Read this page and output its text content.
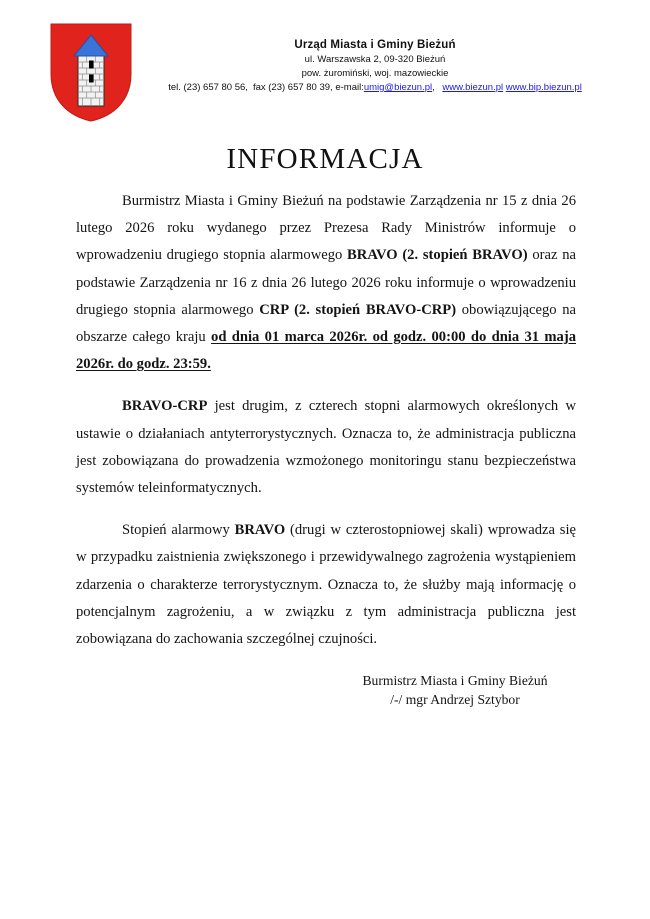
Urząd Miasta i Gminy Bieżuń
ul. Warszawska 2, 09-320 Bieżuń
pow. żuromiński, woj. mazowieckie
tel. (23) 657 80 56, fax (23) 657 80 39, e-mail:umig@biezun.pl, www.biezun.pl www.bip.biezun.pl
INFORMACJA

Burmistrz Miasta i Gminy Bieżuń na podstawie Zarządzenia nr 15 z dnia 26 lutego 2026 roku wydanego przez Prezesa Rady Ministrów informuje o wprowadzeniu drugiego stopnia alarmowego BRAVO (2. stopień BRAVO) oraz na podstawie Zarządzenia nr 16 z dnia 26 lutego 2026 roku informuje o wprowadzeniu drugiego stopnia alarmowego CRP (2. stopień BRAVO-CRP) obowiązującego na obszarze całego kraju od dnia 01 marca 2026r. od godz. 00:00 do dnia 31 maja 2026r. do godz. 23:59.

BRAVO-CRP jest drugim, z czterech stopni alarmowych określonych w ustawie o działaniach antyterrorystycznych. Oznacza to, że administracja publiczna jest zobowiązana do prowadzenia wzmożonego monitoringu stanu bezpieczeństwa systemów teleinformatycznych.

Stopień alarmowy BRAVO (drugi w czterostopniowej skali) wprowadza się w przypadku zaistnienia zwiększonego i przewidywalnego zagrożenia wystąpieniem zdarzenia o charakterze terrorystycznym. Oznacza to, że służby mają informację o potencjalnym zagrożeniu, a w związku z tym administracja publiczna jest zobowiązana do zachowania szczególnej czujności.

Burmistrz Miasta i Gminy Bieżuń
/-/ mgr Andrzej Sztybor
